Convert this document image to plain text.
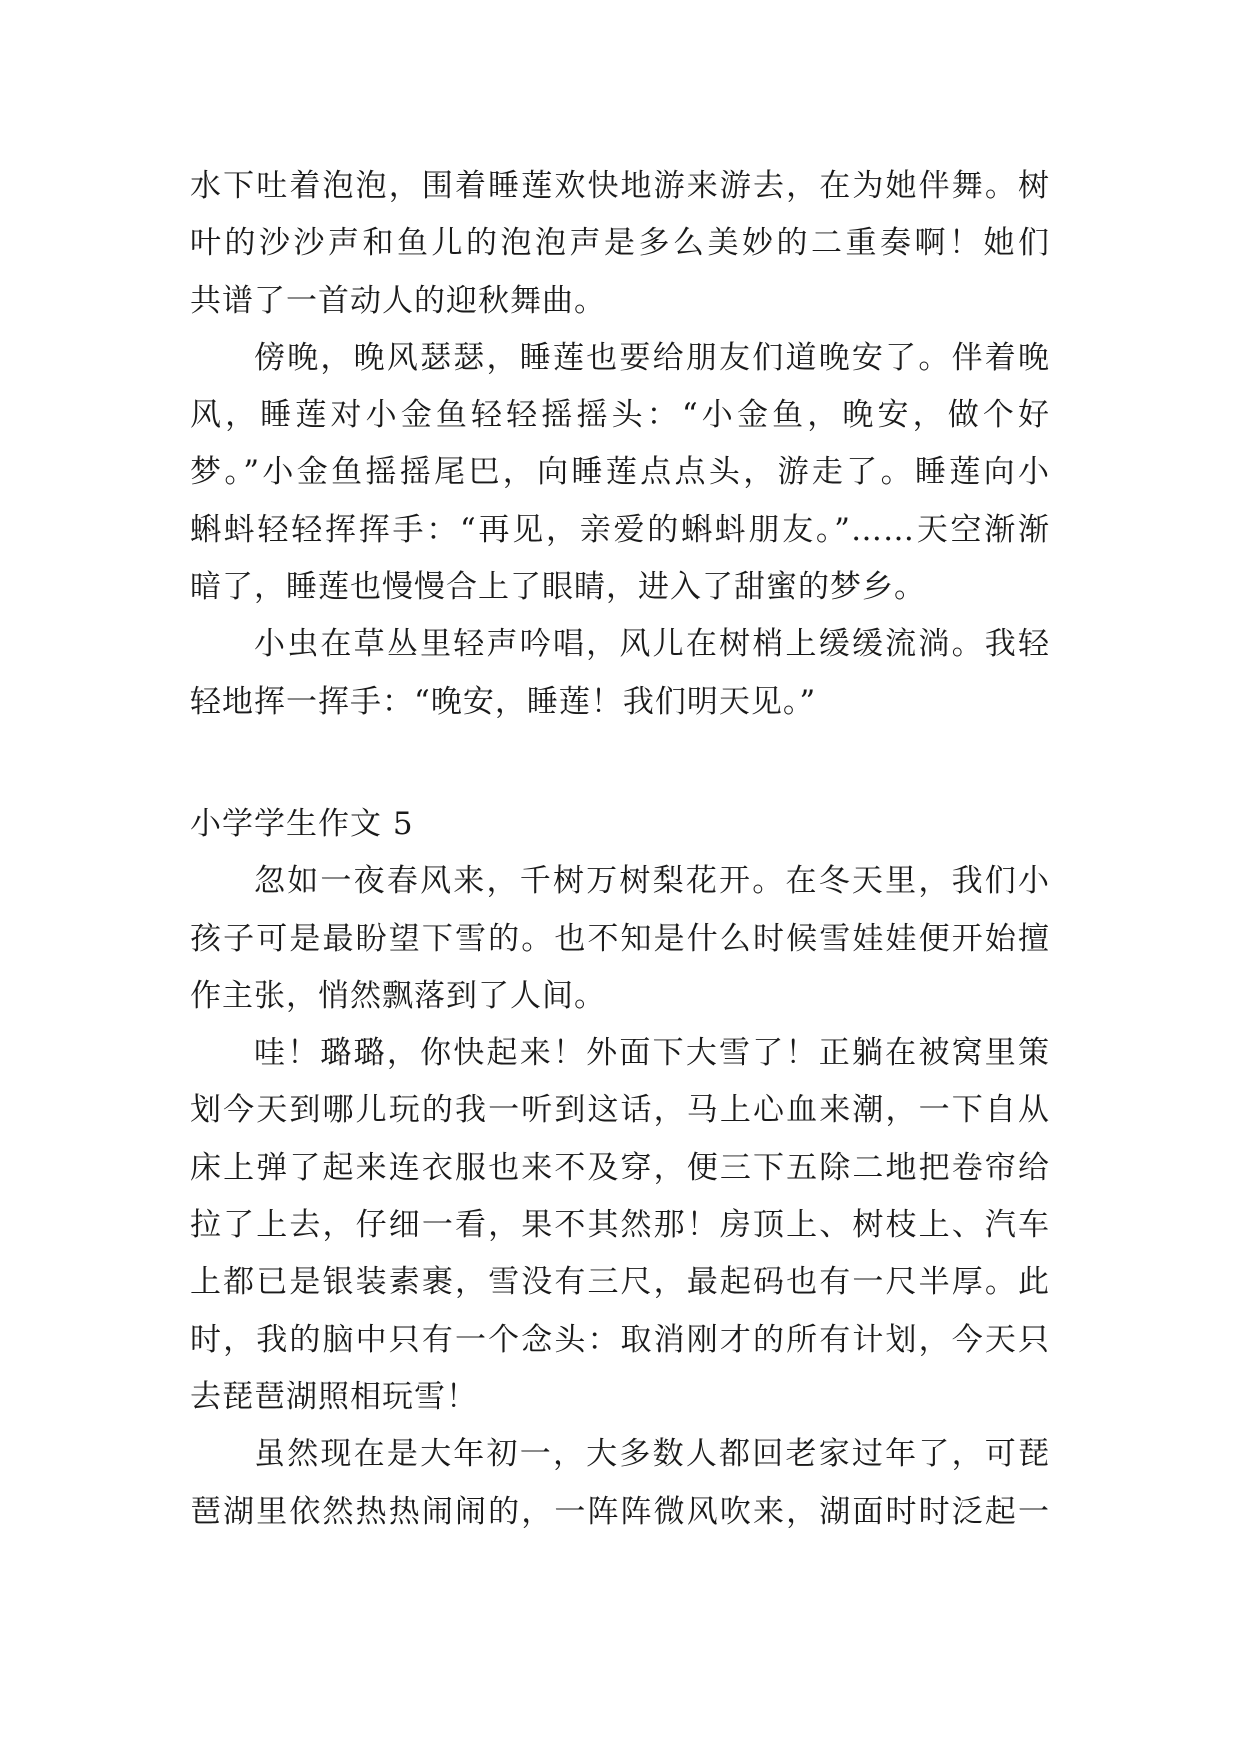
水下吐着泡泡，围着睡莲欢快地游来游去，在为她伴舞。树
叶的沙沙声和鱼儿的泡泡声是多么美妙的二重奏啊！她们
共谱了一首动人的迎秋舞曲。
傍晚，晚风瑟瑟，睡莲也要给朋友们道晚安了。伴着晚
风，睡莲对小金鱼轻轻摇摇头：“小金鱼，晚安，做个好
梦。”小金鱼摇摇尾巴，向睡莲点点头，游走了。睡莲向小
蝌蚪轻轻挥挥手：“再见，亲爱的蝌蚪朋友。”……天空渐渐
暗了，睡莲也慢慢合上了眼睛，进入了甜蜜的梦乡。
小虫在草丛里轻声吟唱，风儿在树梢上缓缓流淌。我轻
轻地挥一挥手：“晚安，睡莲！我们明天见。”
小学学生作文 5
忽如一夜春风来，千树万树梨花开。在冬天里，我们小
孩子可是最盼望下雪的。也不知是什么时候雪娃娃便开始擅
作主张，悄然飘落到了人间。
哇！璐璐，你快起来！外面下大雪了！正躺在被窝里策
划今天到哪儿玩的我一听到这话，马上心血来潮，一下自从
床上弹了起来连衣服也来不及穿，便三下五除二地把卷帘给
拉了上去，仔细一看，果不其然那！房顶上、树枝上、汽车
上都已是银装素裹，雪没有三尺，最起码也有一尺半厚。此
时，我的脑中只有一个念头：取消刚才的所有计划，今天只
去琵琶湖照相玩雪！
虽然现在是大年初一，大多数人都回老家过年了，可琵
琶湖里依然热热闹闹的，一阵阵微风吹来，湖面时时泛起一
